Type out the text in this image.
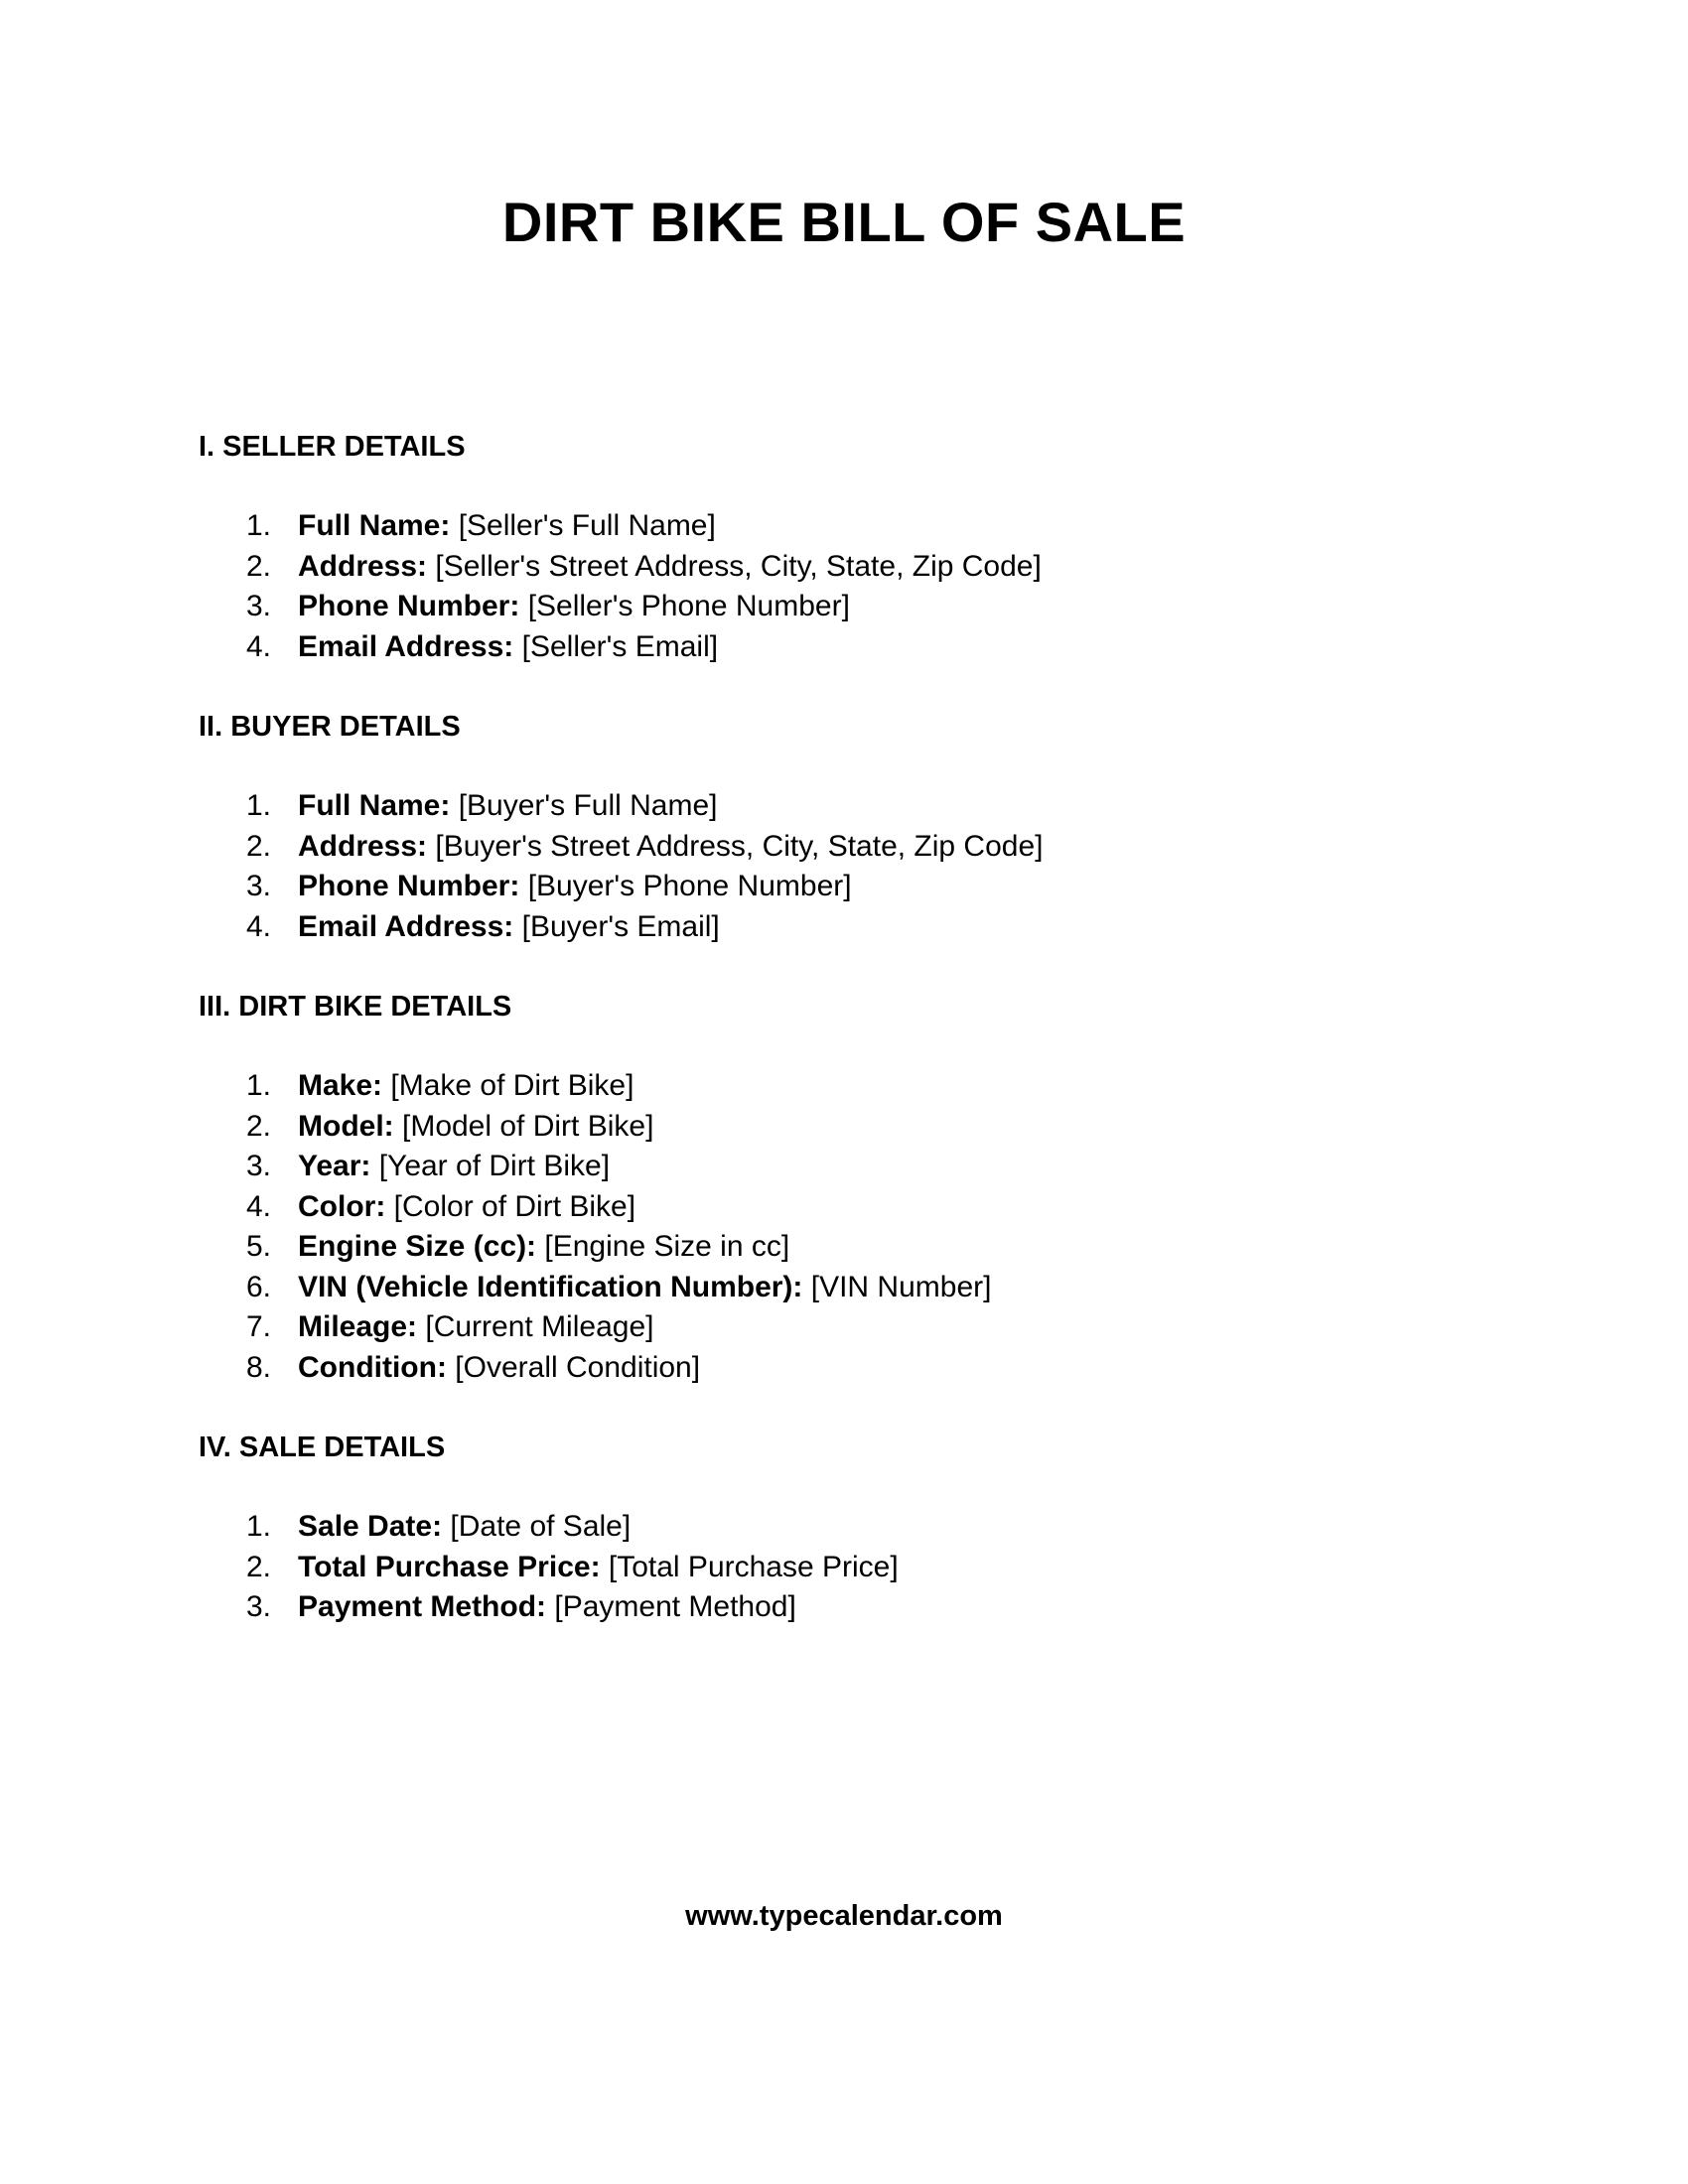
DIRT BIKE BILL OF SALE
I. SELLER DETAILS
1. Full Name: [Seller's Full Name]
2. Address: [Seller's Street Address, City, State, Zip Code]
3. Phone Number: [Seller's Phone Number]
4. Email Address: [Seller's Email]
II. BUYER DETAILS
1. Full Name: [Buyer's Full Name]
2. Address: [Buyer's Street Address, City, State, Zip Code]
3. Phone Number: [Buyer's Phone Number]
4. Email Address: [Buyer's Email]
III. DIRT BIKE DETAILS
1. Make: [Make of Dirt Bike]
2. Model: [Model of Dirt Bike]
3. Year: [Year of Dirt Bike]
4. Color: [Color of Dirt Bike]
5. Engine Size (cc): [Engine Size in cc]
6. VIN (Vehicle Identification Number): [VIN Number]
7. Mileage: [Current Mileage]
8. Condition: [Overall Condition]
IV. SALE DETAILS
1. Sale Date: [Date of Sale]
2. Total Purchase Price: [Total Purchase Price]
3. Payment Method: [Payment Method]
www.typecalendar.com
